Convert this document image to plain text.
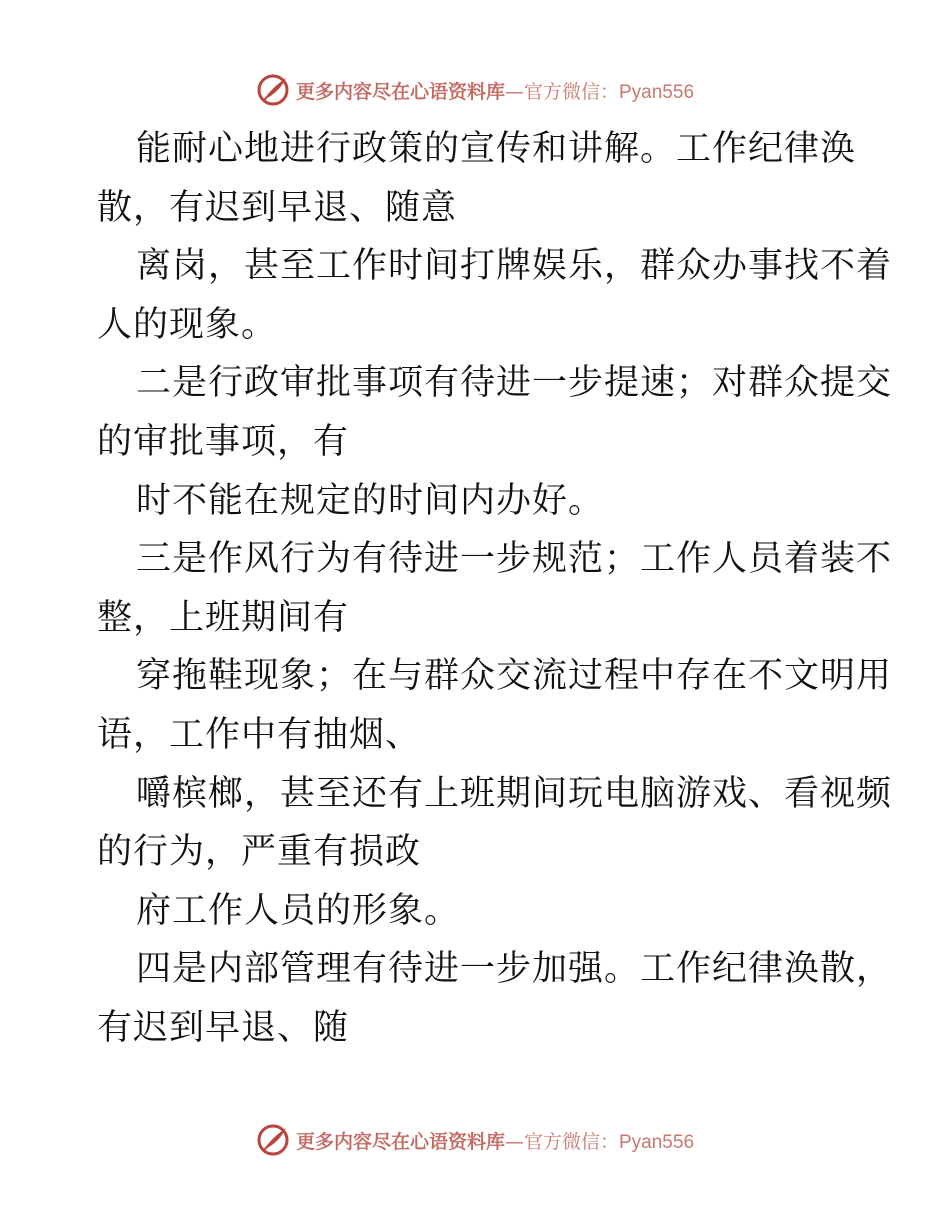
更多内容尽在心语资料库—官方微信：Pyan556
能耐心地进行政策的宣传和讲解。工作纪律涣
散，有迟到早退、随意
离岗，甚至工作时间打牌娱乐，群众办事找不着
人的现象。
二是行政审批事项有待进一步提速；对群众提交
的审批事项，有
时不能在规定的时间内办好。
三是作风行为有待进一步规范；工作人员着装不
整，上班期间有
穿拖鞋现象；在与群众交流过程中存在不文明用
语，工作中有抽烟、
嚼槟榔，甚至还有上班期间玩电脑游戏、看视频
的行为，严重有损政
府工作人员的形象。
四是内部管理有待进一步加强。工作纪律涣散，
有迟到早退、随
更多内容尽在心语资料库—官方微信：Pyan556
